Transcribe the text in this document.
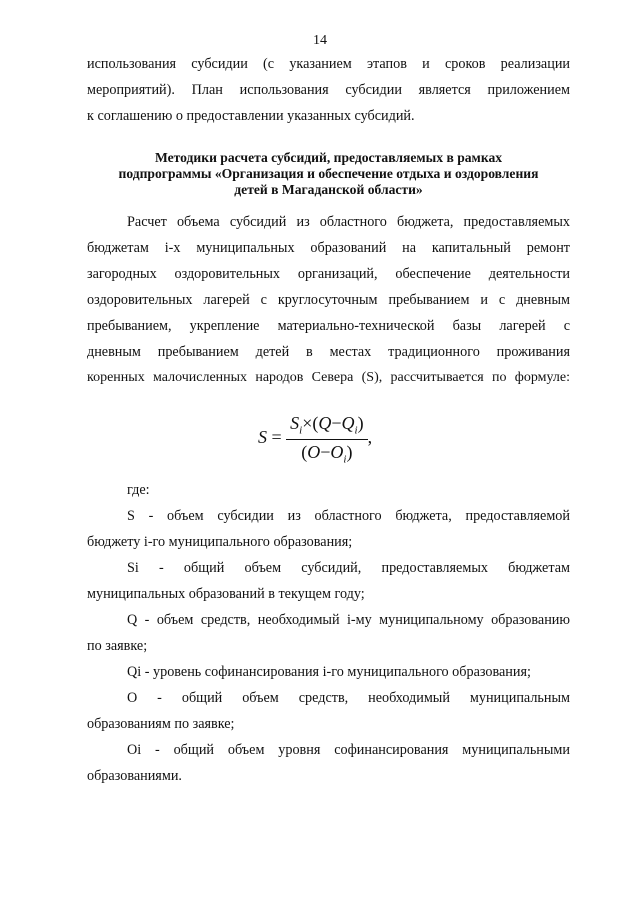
14
использования субсидии (с указанием этапов и сроков реализации
мероприятий). План использования субсидии является приложением
к соглашению о предоставлении указанных субсидий.
Методики расчета субсидий, предоставляемых в рамках
подпрограммы «Организация и обеспечение отдыха и оздоровления
детей в Магаданской области»
Расчет объема субсидий из областного бюджета, предоставляемых
бюджетам i-х муниципальных образований на капитальный ремонт
загородных оздоровительных организаций, обеспечение деятельности
оздоровительных лагерей с круглосуточным пребыванием и с дневным
пребыванием, укрепление материально-технической базы лагерей с
дневным пребыванием детей в местах традиционного проживания
коренных малочисленных народов Севера (S), рассчитывается по формуле:
$S = \frac{S_i\times(Q-Q_i)}{(O-O_i)}$ ,
где:
S - объем субсидии из областного бюджета, предоставляемой
бюджету i-го муниципального образования;
Si - общий объем субсидий, предоставляемых бюджетам
муниципальных образований в текущем году;
Q - объем средств, необходимый i-му муниципальному образованию
по заявке;
Qi - уровень софинансирования i-го муниципального образования;
O - общий объем средств, необходимый муниципальным
образованиям по заявке;
Oi - общий объем уровня софинансирования муниципальными
образованиями.
